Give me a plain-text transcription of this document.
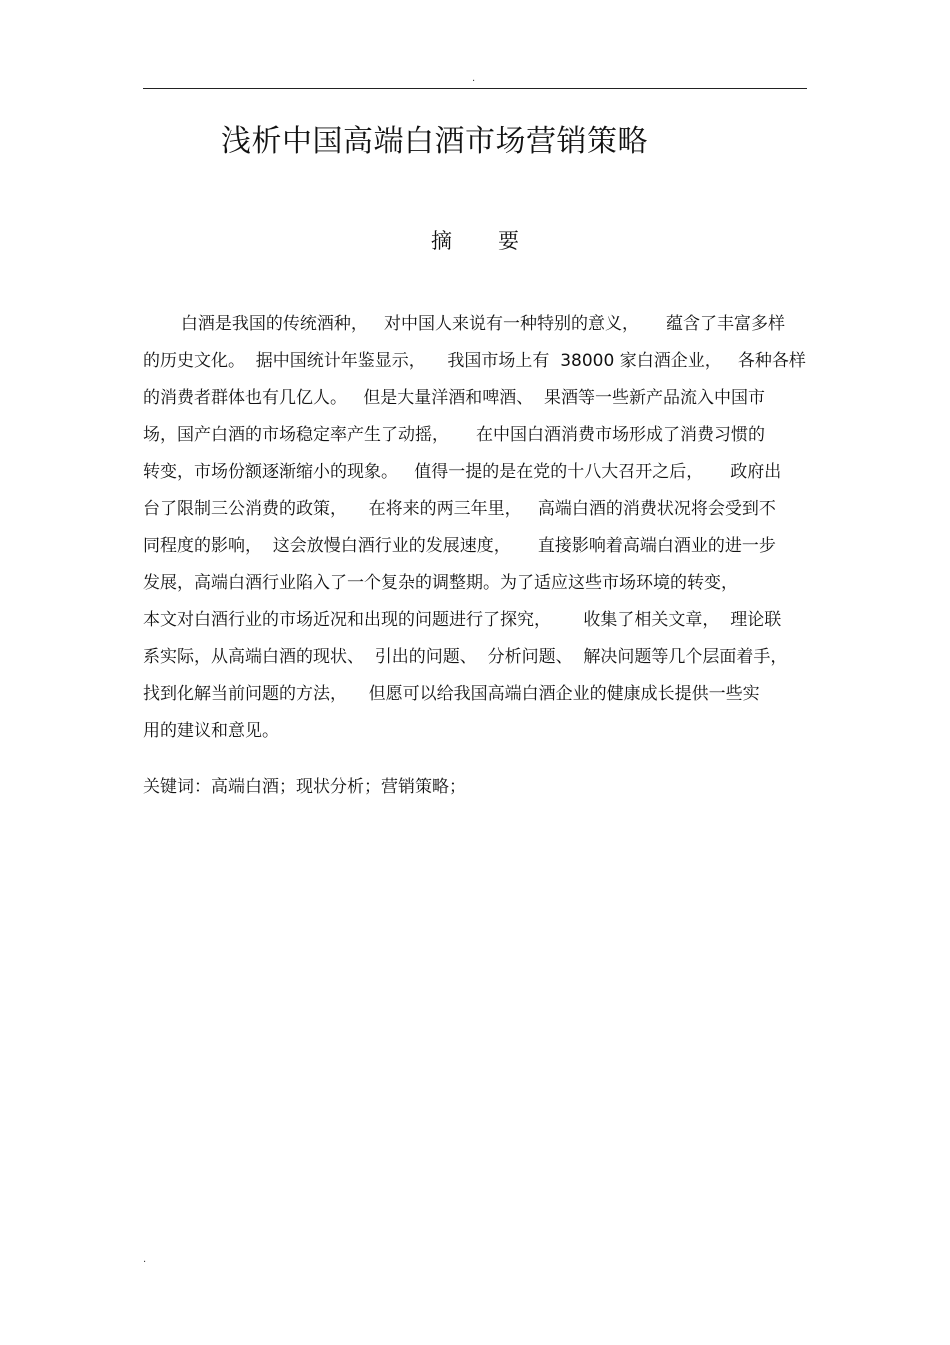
.
浅析中国高端白酒市场营销策略
摘 要
白酒是我国的传统酒种，   对中国人来说有一种特别的意义，     蕴含了丰富多样
的历史文化。  据中国统计年鉴显示，    我国市场上有  38000 家白酒企业，   各种各样
的消费者群体也有几亿人。   但是大量洋酒和啤酒、  果酒等一些新产品流入中国市
场，国产白酒的市场稳定率产生了动摇，     在中国白酒消费市场形成了消费习惯的
转变，市场份额逐渐缩小的现象。   值得一提的是在党的十八大召开之后，     政府出
台了限制三公消费的政策，    在将来的两三年里，   高端白酒的消费状况将会受到不
同程度的影响，  这会放慢白酒行业的发展速度，     直接影响着高端白酒业的进一步
发展，高端白酒行业陷入了一个复杂的调整期。为了适应这些市场环境的转变，
本文对白酒行业的市场近况和出现的问题进行了探究，      收集了相关文章，  理论联
系实际，从高端白酒的现状、  引出的问题、  分析问题、  解决问题等几个层面着手，
找到化解当前问题的方法，    但愿可以给我国高端白酒企业的健康成长提供一些实
用的建议和意见。
关键词：高端白酒；现状分析；营销策略；
.
